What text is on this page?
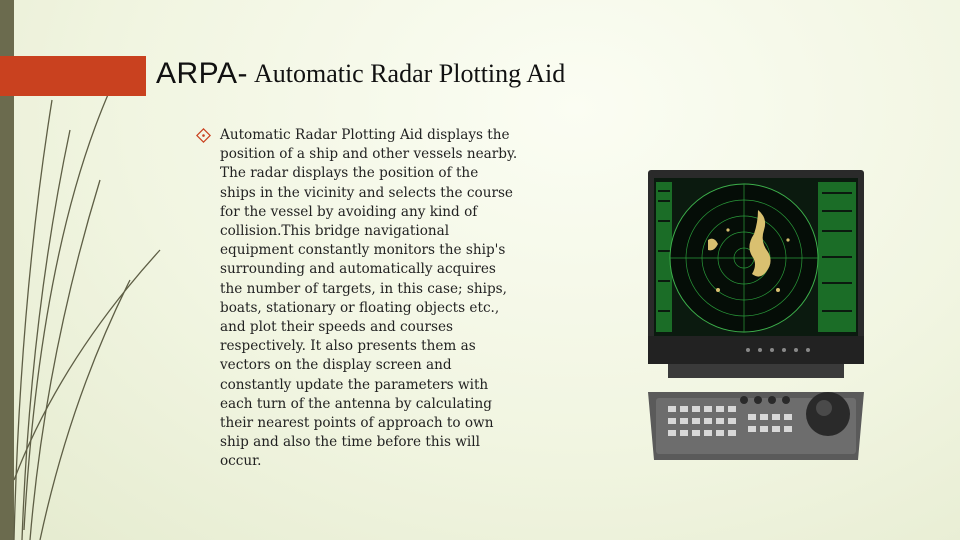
ARPA- Automatic Radar Plotting Aid
Automatic Radar Plotting Aid displays the
position of a ship and other vessels nearby.
The radar displays the position of the
ships in the vicinity and selects the course
for the vessel by avoiding any kind of
collision.This bridge navigational
equipment constantly monitors the ship's
surrounding and automatically acquires
the number of targets, in this case; ships,
boats, stationary or floating objects etc.,
and plot their speeds and courses
respectively. It also presents them as
vectors on the display screen and
constantly update the parameters with
each turn of the antenna by calculating
their nearest points of approach to own
ship and also the time before this will
occur.
